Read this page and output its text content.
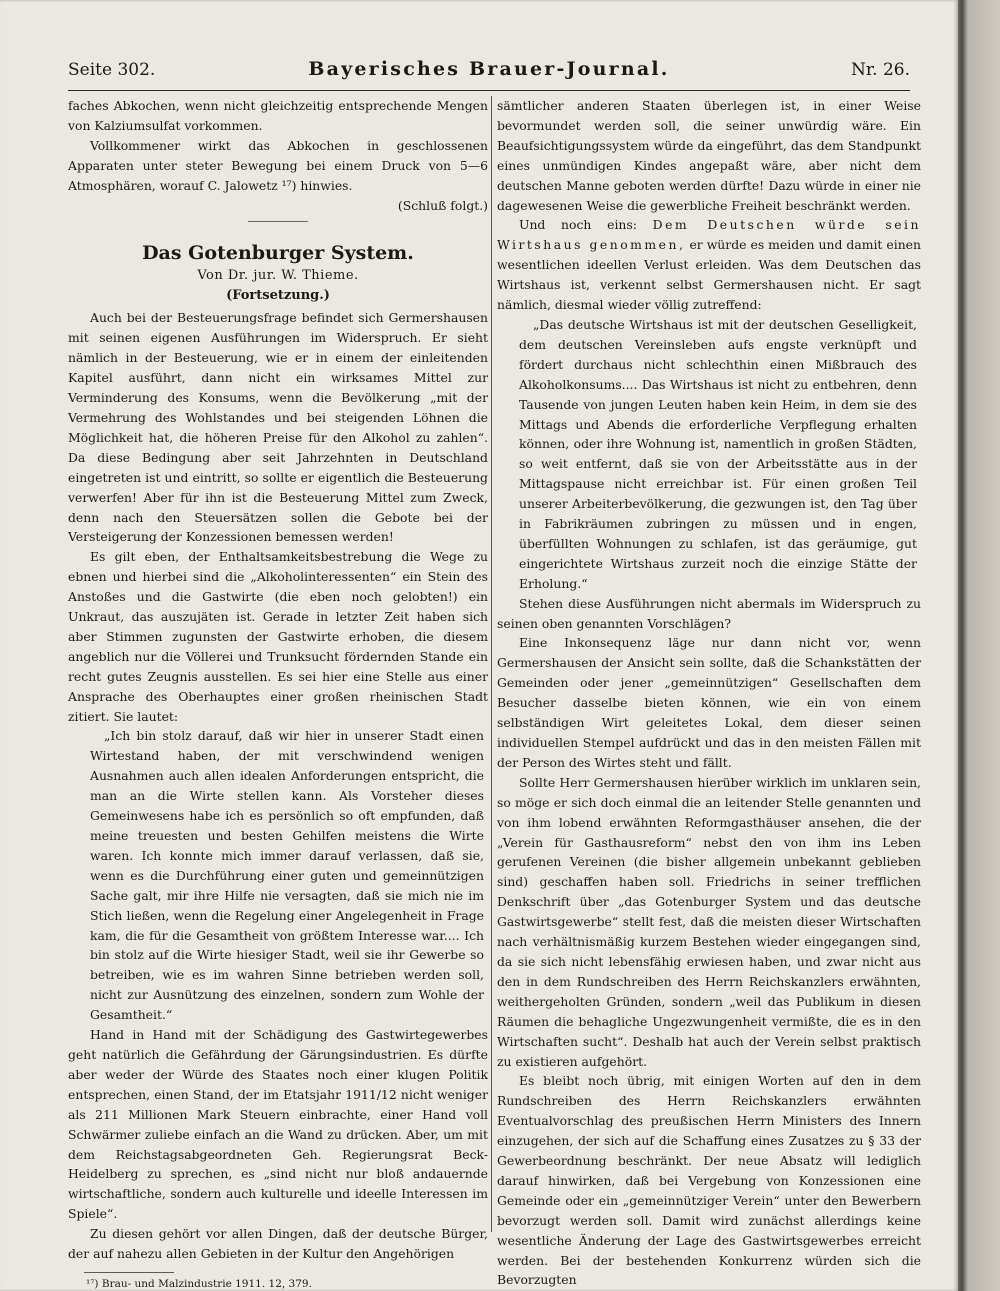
Seite 302.	Bayerisches Brauer-Journal.	Nr. 26.

faches Abkochen, wenn nicht gleichzeitig entsprechende Mengen von Kalziumsulfat vorkommen.

Vollkommener wirkt das Abkochen in geschlossenen Apparaten unter steter Bewegung bei einem Druck von 5—6 Atmosphären, worauf C. Jalowetz ¹⁷) hinwies.

(Schluß folgt.)

Das Gotenburger System.
Von Dr. jur. W. Thieme.
(Fortsetzung.)

Auch bei der Besteuerungsfrage befindet sich Germershausen mit seinen eigenen Ausführungen im Widerspruch. Er sieht nämlich in der Besteuerung, wie er in einem der einleitenden Kapitel ausführt, dann nicht ein wirksames Mittel zur Verminderung des Konsums, wenn die Bevölkerung „mit der Vermehrung des Wohlstandes und bei steigenden Löhnen die Möglichkeit hat, die höheren Preise für den Alkohol zu zahlen“. Da diese Bedingung aber seit Jahrzehnten in Deutschland eingetreten ist und eintritt, so sollte er eigentlich die Besteuerung verwerfen! Aber für ihn ist die Besteuerung Mittel zum Zweck, denn nach den Steuersätzen sollen die Gebote bei der Versteigerung der Konzessionen bemessen werden!

Es gilt eben, der Enthaltsamkeitsbestrebung die Wege zu ebnen und hierbei sind die „Alkoholinteressenten“ ein Stein des Anstoßes und die Gastwirte (die eben noch gelobten!) ein Unkraut, das auszujäten ist. Gerade in letzter Zeit haben sich aber Stimmen zugunsten der Gastwirte erhoben, die diesem angeblich nur die Völlerei und Trunksucht fördernden Stande ein recht gutes Zeugnis ausstellen. Es sei hier eine Stelle aus einer Ansprache des Oberhauptes einer großen rheinischen Stadt zitiert. Sie lautet:

„Ich bin stolz darauf, daß wir hier in unserer Stadt einen Wirtestand haben, der mit verschwindend wenigen Ausnahmen auch allen idealen Anforderungen entspricht, die man an die Wirte stellen kann. Als Vorsteher dieses Gemeinwesens habe ich es persönlich so oft empfunden, daß meine treuesten und besten Gehilfen meistens die Wirte waren. Ich konnte mich immer darauf verlassen, daß sie, wenn es die Durchführung einer guten und gemeinnützigen Sache galt, mir ihre Hilfe nie versagten, daß sie mich nie im Stich ließen, wenn die Regelung einer Angelegenheit in Frage kam, die für die Gesamtheit von größtem Interesse war.... Ich bin stolz auf die Wirte hiesiger Stadt, weil sie ihr Gewerbe so betreiben, wie es im wahren Sinne betrieben werden soll, nicht zur Ausnützung des einzelnen, sondern zum Wohle der Gesamtheit.“

Hand in Hand mit der Schädigung des Gastwirtegewerbes geht natürlich die Gefährdung der Gärungsindustrien. Es dürfte aber weder der Würde des Staates noch einer klugen Politik entsprechen, einen Stand, der im Etatsjahr 1911/12 nicht weniger als 211 Millionen Mark Steuern einbrachte, einer Hand voll Schwärmer zuliebe einfach an die Wand zu drücken. Aber, um mit dem Reichstagsabgeordneten Geh. Regierungsrat Beck-Heidelberg zu sprechen, es „sind nicht nur bloß andauernde wirtschaftliche, sondern auch kulturelle und ideelle Interessen im Spiele“.

Zu diesen gehört vor allen Dingen, daß der deutsche Bürger, der auf nahezu allen Gebieten in der Kultur den Angehörigen

¹⁷) Brau- und Malzindustrie 1911. 12, 379.

sämtlicher anderen Staaten überlegen ist, in einer Weise bevormundet werden soll, die seiner unwürdig wäre. Ein Beaufsichtigungssystem würde da eingeführt, das dem Standpunkt eines unmündigen Kindes angepaßt wäre, aber nicht dem deutschen Manne geboten werden dürfte! Dazu würde in einer nie dagewesenen Weise die gewerbliche Freiheit beschränkt werden.

Und noch eins: Dem Deutschen würde sein Wirtshaus genommen, er würde es meiden und damit einen wesentlichen ideellen Verlust erleiden. Was dem Deutschen das Wirtshaus ist, verkennt selbst Germershausen nicht. Er sagt nämlich, diesmal wieder völlig zutreffend:

„Das deutsche Wirtshaus ist mit der deutschen Geselligkeit, dem deutschen Vereinsleben aufs engste verknüpft und fördert durchaus nicht schlechthin einen Mißbrauch des Alkoholkonsums.... Das Wirtshaus ist nicht zu entbehren, denn Tausende von jungen Leuten haben kein Heim, in dem sie des Mittags und Abends die erforderliche Verpflegung erhalten können, oder ihre Wohnung ist, namentlich in großen Städten, so weit entfernt, daß sie von der Arbeitsstätte aus in der Mittagspause nicht erreichbar ist. Für einen großen Teil unserer Arbeiterbevölkerung, die gezwungen ist, den Tag über in Fabrikräumen zubringen zu müssen und in engen, überfüllten Wohnungen zu schlafen, ist das geräumige, gut eingerichtete Wirtshaus zurzeit noch die einzige Stätte der Erholung.“

Stehen diese Ausführungen nicht abermals im Widerspruch zu seinen oben genannten Vorschlägen?

Eine Inkonsequenz läge nur dann nicht vor, wenn Germershausen der Ansicht sein sollte, daß die Schankstätten der Gemeinden oder jener „gemeinnützigen“ Gesellschaften dem Besucher dasselbe bieten können, wie ein von einem selbständigen Wirt geleitetes Lokal, dem dieser seinen individuellen Stempel aufdrückt und das in den meisten Fällen mit der Person des Wirtes steht und fällt.

Sollte Herr Germershausen hierüber wirklich im unklaren sein, so möge er sich doch einmal die an leitender Stelle genannten und von ihm lobend erwähnten Reformgasthäuser ansehen, die der „Verein für Gasthausreform“ nebst den von ihm ins Leben gerufenen Vereinen (die bisher allgemein unbekannt geblieben sind) geschaffen haben soll. Friedrichs in seiner trefflichen Denkschrift über „das Gotenburger System und das deutsche Gastwirtsgewerbe“ stellt fest, daß die meisten dieser Wirtschaften nach verhältnismäßig kurzem Bestehen wieder eingegangen sind, da sie sich nicht lebensfähig erwiesen haben, und zwar nicht aus den in dem Rundschreiben des Herrn Reichskanzlers erwähnten, weithergeholten Gründen, sondern „weil das Publikum in diesen Räumen die behagliche Ungezwungenheit vermißte, die es in den Wirtschaften sucht“. Deshalb hat auch der Verein selbst praktisch zu existieren aufgehört.

Es bleibt noch übrig, mit einigen Worten auf den in dem Rundschreiben des Herrn Reichskanzlers erwähnten Eventualvorschlag des preußischen Herrn Ministers des Innern einzugehen, der sich auf die Schaffung eines Zusatzes zu § 33 der Gewerbeordnung beschränkt. Der neue Absatz will lediglich darauf hinwirken, daß bei Vergebung von Konzessionen eine Gemeinde oder ein „gemeinnütziger Verein“ unter den Bewerbern bevorzugt werden soll. Damit wird zunächst allerdings keine wesentliche Änderung der Lage des Gastwirtsgewerbes erreicht werden. Bei der bestehenden Konkurrenz würden sich die Bevorzugten
